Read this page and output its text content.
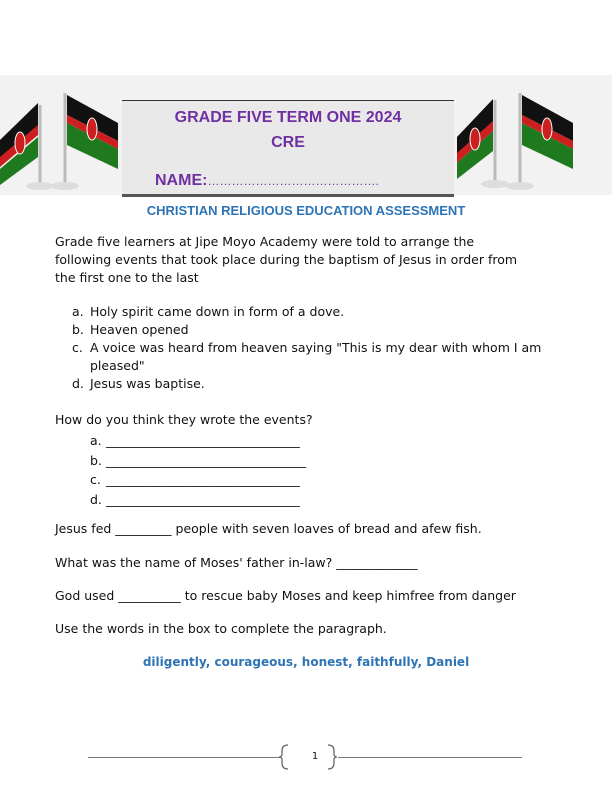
GRADE FIVE TERM ONE 2024
CRE
NAME:…………………………………….
CHRISTIAN RELIGIOUS EDUCATION ASSESSMENT
Grade five learners at Jipe Moyo Academy were told to arrange the
following events that took place during the baptism of Jesus in order from
the first one to the last
a. Holy spirit came down in form of a dove.
b. Heaven opened
c. A voice was heard from heaven saying "This is my dear with whom I am
pleased"
d. Jesus was baptise.
How do you think they wrote the events?
a. _______________________________
b. ________________________________
c. _______________________________
d. _______________________________
Jesus fed _________ people with seven loaves of bread and afew fish.
What was the name of Moses' father in-law? _____________
God used __________ to rescue baby Moses and keep himfree from danger
Use the words in the box to complete the paragraph.
diligently, courageous, honest, faithfully, Daniel
1
